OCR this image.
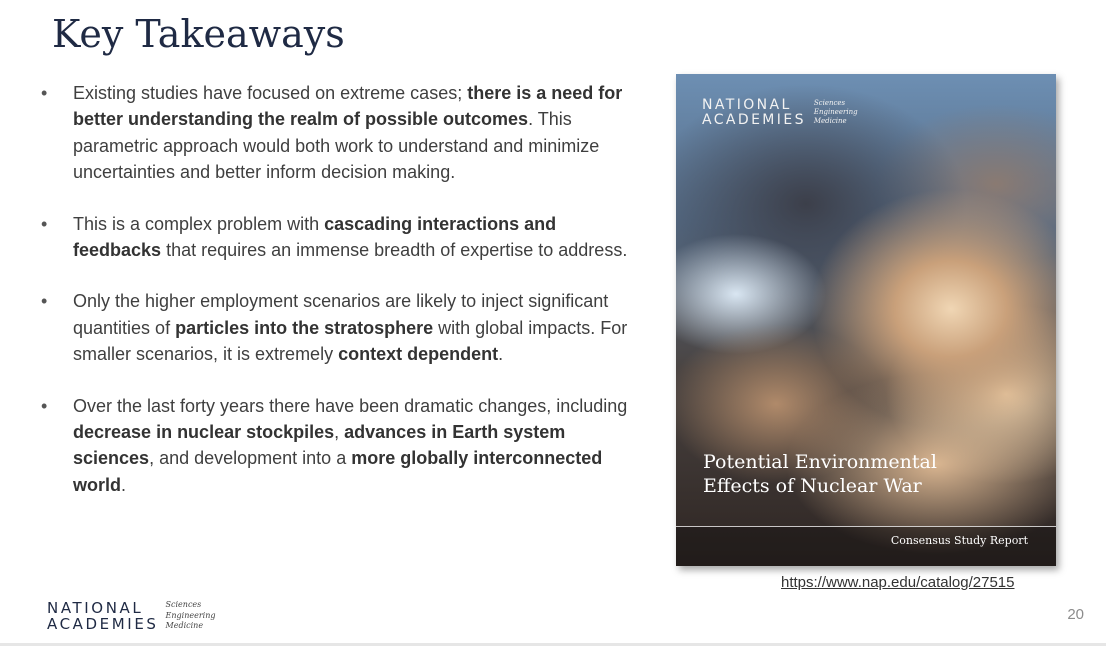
Key Takeaways
• Existing studies have focused on extreme cases; there is a need for better understanding the realm of possible outcomes. This parametric approach would both work to understand and minimize uncertainties and better inform decision making.
• This is a complex problem with cascading interactions and feedbacks that requires an immense breadth of expertise to address.
• Only the higher employment scenarios are likely to inject significant quantities of particles into the stratosphere with global impacts. For smaller scenarios, it is extremely context dependent.
• Over the last forty years there have been dramatic changes, including decrease in nuclear stockpiles, advances in Earth system sciences, and development into a more globally interconnected world.
NATIONAL
ACADEMIES
Sciences
Engineering
Medicine
Potential Environmental
Effects of Nuclear War
Consensus Study Report
https://www.nap.edu/catalog/27515
NATIONAL
ACADEMIES
Sciences
Engineering
Medicine
20
